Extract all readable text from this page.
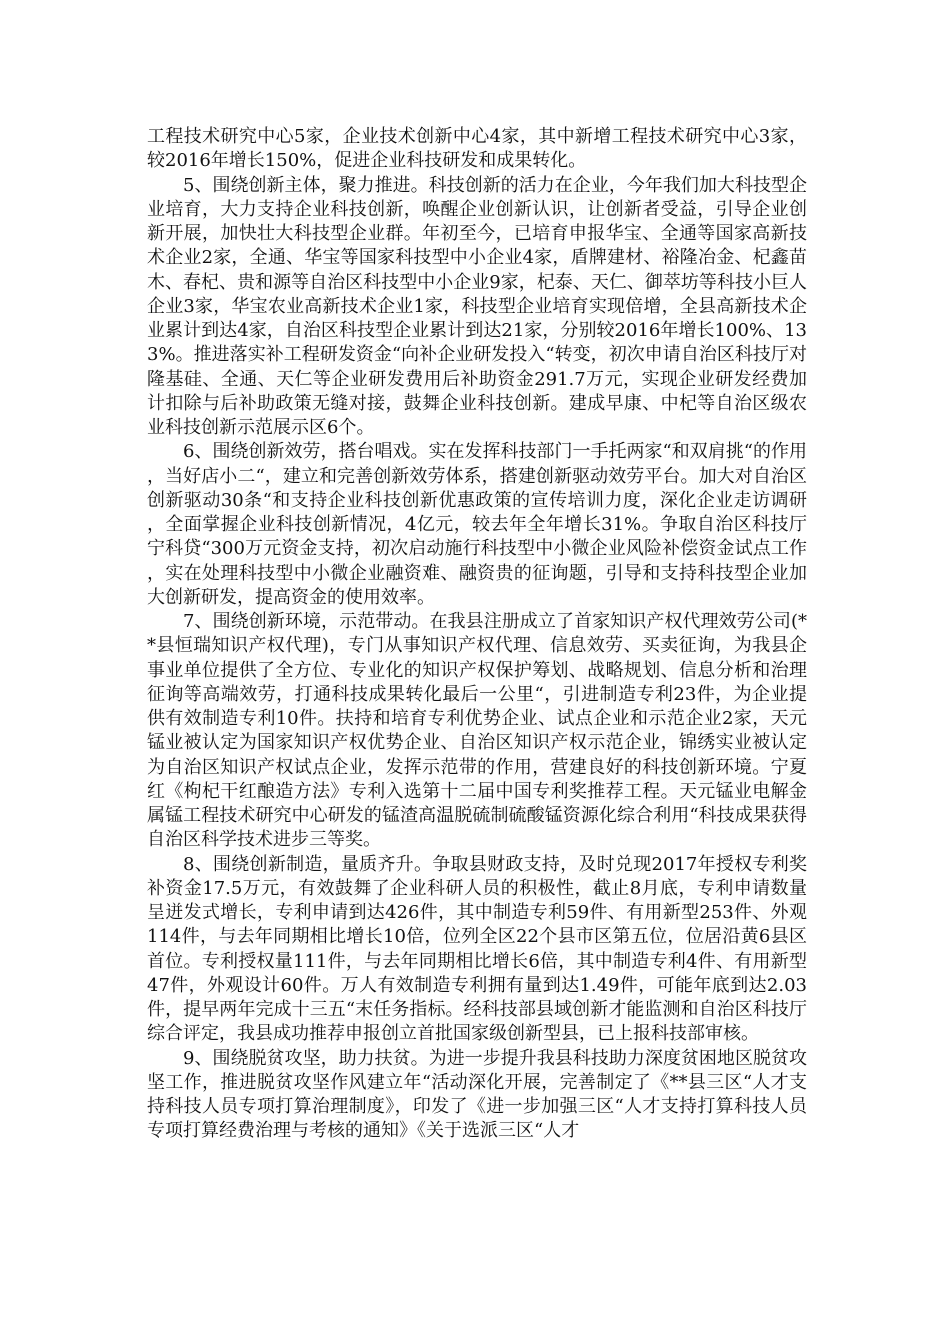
工程技术研究中心5家，企业技术创新中心4家，其中新增工程技术研究中心3家，较2016年增长150%，促进企业科技研发和成果转化。

5、围绕创新主体，聚力推进。科技创新的活力在企业，今年我们加大科技型企业培育，大力支持企业科技创新，唤醒企业创新认识，让创新者受益，引导企业创新开展，加快壮大科技型企业群。年初至今，已培育申报华宝、全通等国家高新技术企业2家，全通、华宝等国家科技型中小企业4家，盾牌建材、裕隆冶金、杞鑫苗木、春杞、贵和源等自治区科技型中小企业9家，杞泰、天仁、御萃坊等科技小巨人企业3家，华宝农业高新技术企业1家，科技型企业培育实现倍增，全县高新技术企业累计到达4家，自治区科技型企业累计到达21家，分别较2016年增长100%、133%。推进落实补工程研发资金“向补企业研发投入“转变，初次申请自治区科技厅对隆基硅、全通、天仁等企业研发费用后补助资金291.7万元，实现企业研发经费加计扣除与后补助政策无缝对接，鼓舞企业科技创新。建成早康、中杞等自治区级农业科技创新示范展示区6个。

6、围绕创新效劳，搭台唱戏。实在发挥科技部门一手托两家“和双肩挑“的作用，当好店小二“，建立和完善创新效劳体系，搭建创新驱动效劳平台。加大对自治区创新驱动30条“和支持企业科技创新优惠政策的宣传培训力度，深化企业走访调研，全面掌握企业科技创新情况，4亿元，较去年全年增长31%。争取自治区科技厅宁科贷“300万元资金支持，初次启动施行科技型中小微企业风险补偿资金试点工作，实在处理科技型中小微企业融资难、融资贵的征询题，引导和支持科技型企业加大创新研发，提高资金的使用效率。

7、围绕创新环境，示范带动。在我县注册成立了首家知识产权代理效劳公司(**县恒瑞知识产权代理)，专门从事知识产权代理、信息效劳、买卖征询，为我县企事业单位提供了全方位、专业化的知识产权保护筹划、战略规划、信息分析和治理征询等高端效劳，打通科技成果转化最后一公里“，引进制造专利23件，为企业提供有效制造专利10件。扶持和培育专利优势企业、试点企业和示范企业2家，天元锰业被认定为国家知识产权优势企业、自治区知识产权示范企业，锦绣实业被认定为自治区知识产权试点企业，发挥示范带的作用，营建良好的科技创新环境。宁夏红《枸杞干红酿造方法》专利入选第十二届中国专利奖推荐工程。天元锰业电解金属锰工程技术研究中心研发的锰渣高温脱硫制硫酸锰资源化综合利用“科技成果获得自治区科学技术进步三等奖。

8、围绕创新制造，量质齐升。争取县财政支持，及时兑现2017年授权专利奖补资金17.5万元，有效鼓舞了企业科研人员的积极性，截止8月底，专利申请数量呈迸发式增长，专利申请到达426件，其中制造专利59件、有用新型253件、外观114件，与去年同期相比增长10倍，位列全区22个县市区第五位，位居沿黄6县区首位。专利授权量111件，与去年同期相比增长6倍，其中制造专利4件、有用新型47件，外观设计60件。万人有效制造专利拥有量到达1.49件，可能年底到达2.03件，提早两年完成十三五“末任务指标。经科技部县域创新才能监测和自治区科技厅综合评定，我县成功推荐申报创立首批国家级创新型县，已上报科技部审核。

9、围绕脱贫攻坚，助力扶贫。为进一步提升我县科技助力深度贫困地区脱贫攻坚工作，推进脱贫攻坚作风建立年“活动深化开展，完善制定了《**县三区“人才支持科技人员专项打算治理制度》，印发了《进一步加强三区“人才支持打算科技人员专项打算经费治理与考核的通知》《关于选派三区“人才
